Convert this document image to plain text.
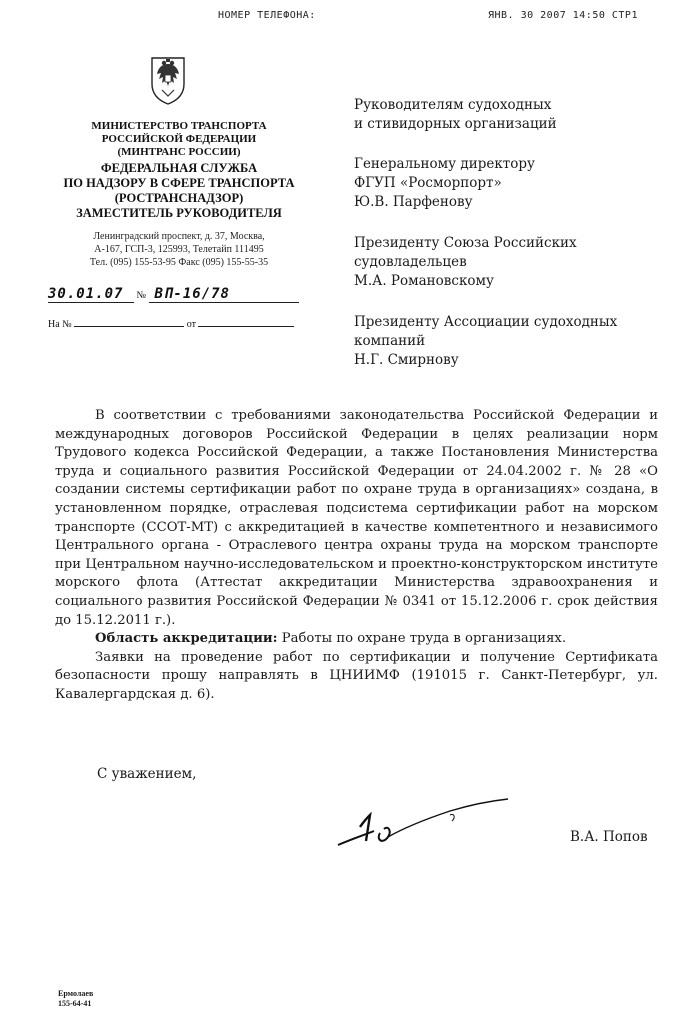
НОМЕР ТЕЛЕФОНА:	ЯНВ. 30 2007 14:50 СТР1
МИНИСТЕРСТВО ТРАНСПОРТА
РОССИЙСКОЙ ФЕДЕРАЦИИ
(МИНТРАНС РОССИИ)
ФЕДЕРАЛЬНАЯ СЛУЖБА
ПО НАДЗОРУ В СФЕРЕ ТРАНСПОРТА
(РОСТРАНСНАДЗОР)
ЗАМЕСТИТЕЛЬ РУКОВОДИТЕЛЯ
Ленинградский проспект, д. 37, Москва,
А-167, ГСП-3, 125993, Телетайп 111495
Тел. (095) 155-53-95 Факс (095) 155-55-35
30.01.07 № ВП-16/78
На №	от
Руководителям судоходных
и стивидорных организаций
Генеральному директору
ФГУП «Росморпорт»
Ю.В. Парфенову
Президенту Союза Российских
судовладельцев
М.А. Романовскому
Президенту Ассоциации судоходных
компаний
Н.Г. Смирнову

В соответствии с требованиями законодательства Российской Федерации и международных договоров Российской Федерации в целях реализации норм Трудового кодекса Российской Федерации, а также Постановления Министерства труда и социального развития Российской Федерации от 24.04.2002 г. № 28 «О создании системы сертификации работ по охране труда в организациях» создана, в установленном порядке, отраслевая подсистема сертификации работ на морском транспорте (ССОТ-МТ) с аккредитацией в качестве компетентного и независимого Центрального органа - Отраслевого центра охраны труда на морском транспорте при Центральном научно-исследовательском и проектно-конструкторском институте морского флота (Аттестат аккредитации Министерства здравоохранения и социального развития Российской Федерации № 0341 от 15.12.2006 г. срок действия до 15.12.2011 г.).

Область аккредитации: Работы по охране труда в организациях.

Заявки на проведение работ по сертификации и получение Сертификата безопасности прошу направлять в ЦНИИМФ (191015 г. Санкт-Петербург, ул. Кавалергардская д. 6).

С уважением,
В.А. Попов
Ермолаев
155-64-41
